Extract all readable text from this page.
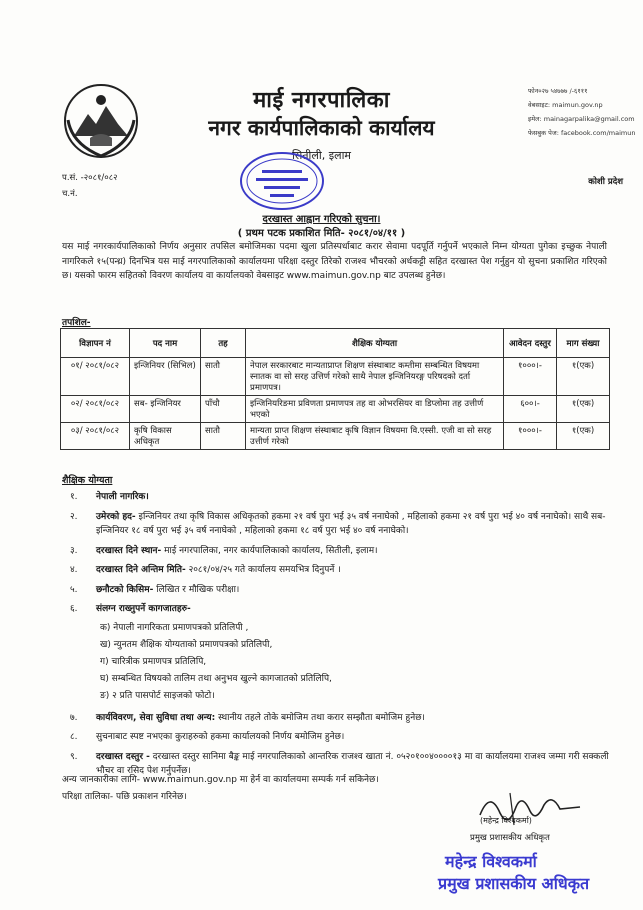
माई नगरपालिका
नगर कार्यपालिकाको कार्यालय
सितीली, इलाम
फोन०२७ ५४७७७ /-६१११
वेबसाइट: maimun.gov.np
इमेल: mainagarpalika@gmail.com
फेसबुक पेज: facebook.com/maimun
प.सं. -२०८१/०८२
च.नं.
कोशी प्रदेश
दरखास्त आह्वान गरिएको सुचना।
( प्रथम पटक प्रकाशित मिति- २०८१/०४/११ )
यस माई नगरकार्यपालिकाको निर्णय अनुसार तपसिल बमोजिमका पदमा खुला प्रतिस्पर्धाबाट करार सेवामा पदपूर्ति गर्नुपर्ने भएकाले निम्न योग्यता पुगेका इच्छुक नेपाली नागरिकले १५(पन्ध्र) दिनभित्र यस माई नगरपालिकाको कार्यालयमा परिक्षा दस्तुर तिरेको राजश्व भौचरको अर्धकट्टी सहित दरखास्त पेश गर्नुहुन यो सुचना प्रकाशित गरिएको छ। यसको फारम सहितको विवरण कार्यालय वा कार्यालयको वेबसाइट www.maimun.gov.np बाट उपलब्ध हुनेछ।
तपशिल-
विज्ञापन नं	पद नाम	तह	शैक्षिक योग्यता	आवेदन दस्तुर	माग संख्या
०१/ २०८१/०८२	इन्जिनियर (सिभिल)	सातौ	नेपाल सरकारबाट मान्यताप्राप्त शिक्षण संस्थाबाट कम्तीमा सम्बन्धित विषयमा स्नातक वा सो सरह उत्तिर्ण गरेको साथै नेपाल इन्जिनियरङ्ग परिषदको दर्ता प्रमाणपत्र।	१०००।-	१(एक)
०२/ २०८१/०८२	सब- इन्जिनियर	पाँचौ	इन्जिनियरिङमा प्रविणता प्रमाणपत्र तह वा ओभरसियर वा डिप्लोमा तह उत्तीर्ण भएको	६००।-	१(एक)
०३/ २०८१/०८२	कृषि विकास अधिकृत	सातौ	मान्यता प्राप्त शिक्षण संस्थाबाट कृषि विज्ञान विषयमा वि.एस्सी. एजी वा सो सरह उत्तीर्ण गरेको	१०००।-	१(एक)
शैक्षिक योग्यता
१.	नेपाली नागरिक।
२.	उमेरको हद- इन्जिनियर तथा कृषि विकास अधिकृतको हकमा २१ वर्ष पुरा भई ३५ वर्ष ननाघेको , महिलाको हकमा २१ वर्ष पुरा भई ४० वर्ष ननाघेको। साथै सब-इन्जिनियर १८ वर्ष पुरा भई ३५ वर्ष ननाघेको , महिलाको हकमा १८ वर्ष पुरा भई ४० वर्ष ननाघेको।
३.	दरखास्त दिने स्थान- माई नगरपालिका, नगर कार्यपालिकाको कार्यालय, सितीली, इलाम।
४.	दरखास्त दिने अन्तिम मिति- २०८१/०४/२५ गते कार्यालय समयभित्र दिनुपर्ने ।
५.	छनौटको किसिम- लिखित र मौखिक परीक्षा।
६.	संलग्न राख्नुपर्ने कागजातहरु-
क) नेपाली नागरिकता प्रमाणपत्रको प्रतिलिपी ,
ख) न्युनतम शैक्षिक योग्यताको प्रमाणपत्रको प्रतिलिपी,
ग) चारित्रीक प्रमाणपत्र प्रतिलिपि,
घ) सम्बन्धित विषयको तालिम तथा अनुभव खुल्ने कागजातको प्रतिलिपि,
ङ) २ प्रति पासपोर्ट साइजको फोटो।
७.	कार्यविवरण, सेवा सुविधा तथा अन्य: स्थानीय तहले तोके बमोजिम तथा करार सम्झौता बमोजिम हुनेछ।
८.	सुचनाबाट स्पष्ट नभएका कुराहरुको हकमा कार्यालयको निर्णय बमोजिम हुनेछ।
९.	दरखास्त दस्तुर - दरखास्त दस्तुर सानिमा बैङ्क माई नगरपालिकाको आन्तरिक राजश्व खाता नं. ०५२०१००४००००१३ मा वा कार्यालयमा राजश्व जम्मा गरी सक्कली भौचर वा रसिद पेश गर्नुपर्नेछ।
अन्य जानकारीका लागि- www.maimun.gov.np मा हेर्न वा कार्यालयमा सम्पर्क गर्न सकिनेछ।
परिक्षा तालिका- पछि प्रकाशन गरिनेछ।
(महेन्द्र विश्वकर्मा)
प्रमुख प्रशासकीय अधिकृत
महेन्द्र विश्वकर्मा
प्रमुख प्रशासकीय अधिकृत
